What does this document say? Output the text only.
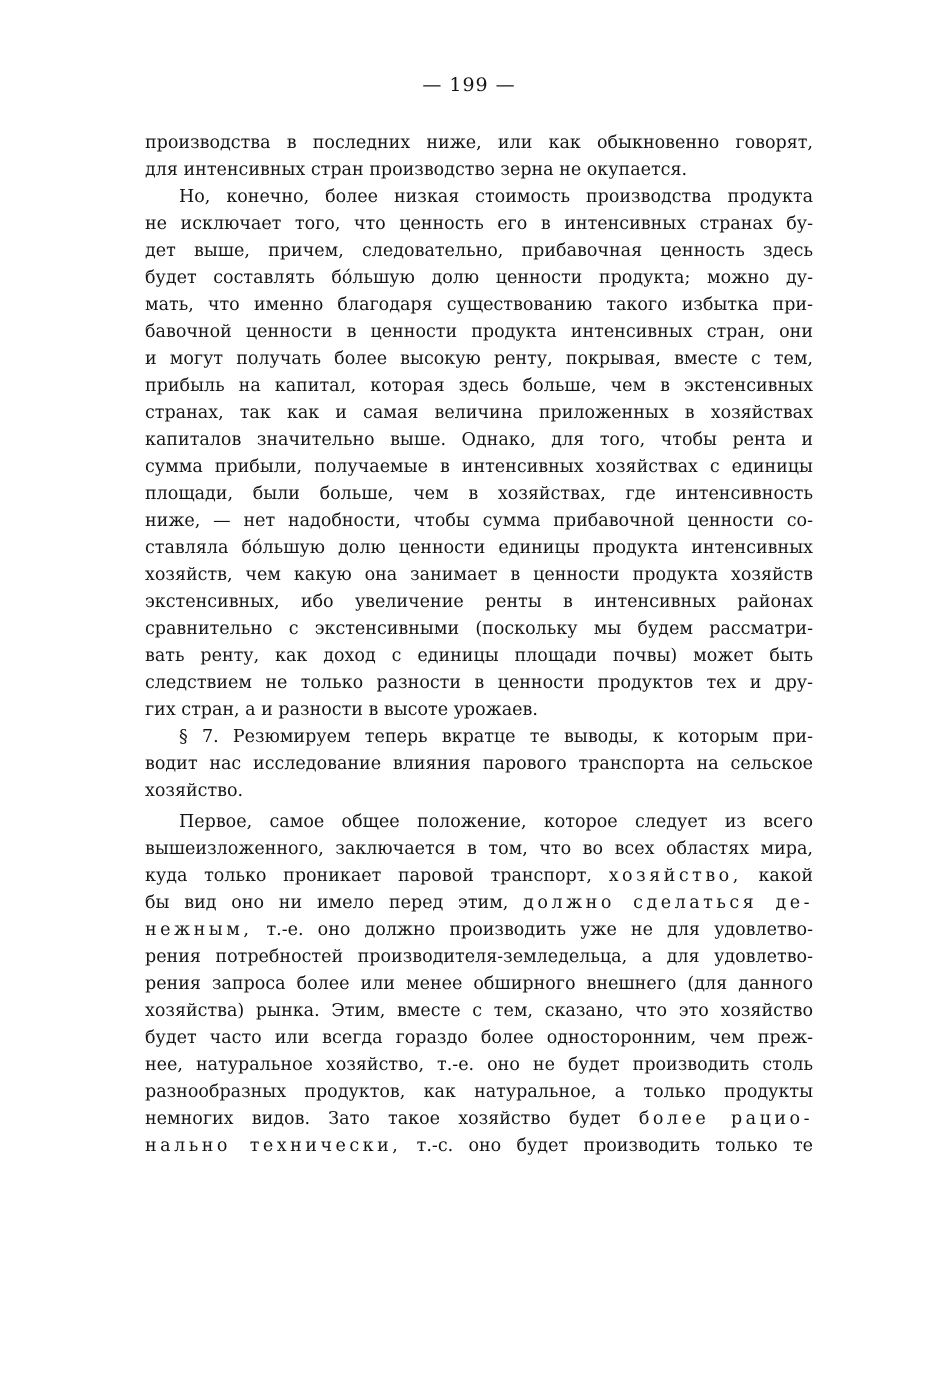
— 199 —
производства в последних ниже, или как обыкновенно говорят,
для интенсивных стран производство зерна не окупается.
Но, конечно, более низкая стоимость производства продукта
не исключает того, что ценность его в интенсивных странах бу-
дет выше, причем, следовательно, прибавочная ценность здесь
будет составлять бо́льшую долю ценности продукта; можно ду-
мать, что именно благодаря существованию такого избытка при-
бавочной ценности в ценности продукта интенсивных стран, они
и могут получать более высокую ренту, покрывая, вместе с тем,
прибыль на капитал, которая здесь больше, чем в экстенсивных
странах, так как и самая величина приложенных в хозяйствах
капиталов значительно выше. Однако, для того, чтобы рента и
сумма прибыли, получаемые в интенсивных хозяйствах с единицы
площади, были больше, чем в хозяйствах, где интенсивность
ниже, — нет надобности, чтобы сумма прибавочной ценности со-
ставляла бо́льшую долю ценности единицы продукта интенсивных
хозяйств, чем какую она занимает в ценности продукта хозяйств
экстенсивных, ибо увеличение ренты в интенсивных районах
сравнительно с экстенсивными (поскольку мы будем рассматри-
вать ренту, как доход с единицы площади почвы) может быть
следствием не только разности в ценности продуктов тех и дру-
гих стран, а и разности в высоте урожаев.
§ 7. Резюмируем теперь вкратце те выводы, к которым при-
водит нас исследование влияния парового транспорта на сельское
хозяйство.
Первое, самое общее положение, которое следует из всего
вышеизложенного, заключается в том, что во всех областях мира,
куда только проникает паровой транспорт, хозяйство, какой
бы вид оно ни имело перед этим, должно сделаться де-
нежным, т.-е. оно должно производить уже не для удовлетво-
рения потребностей производителя-земледельца, а для удовлетво-
рения запроса более или менее обширного внешнего (для данного
хозяйства) рынка. Этим, вместе с тем, сказано, что это хозяйство
будет часто или всегда гораздо более односторонним, чем преж-
нее, натуральное хозяйство, т.-е. оно не будет производить столь
разнообразных продуктов, как натуральное, а только продукты
немногих видов. Зато такое хозяйство будет более рацио-
нально технически, т.-с. оно будет производить только те
